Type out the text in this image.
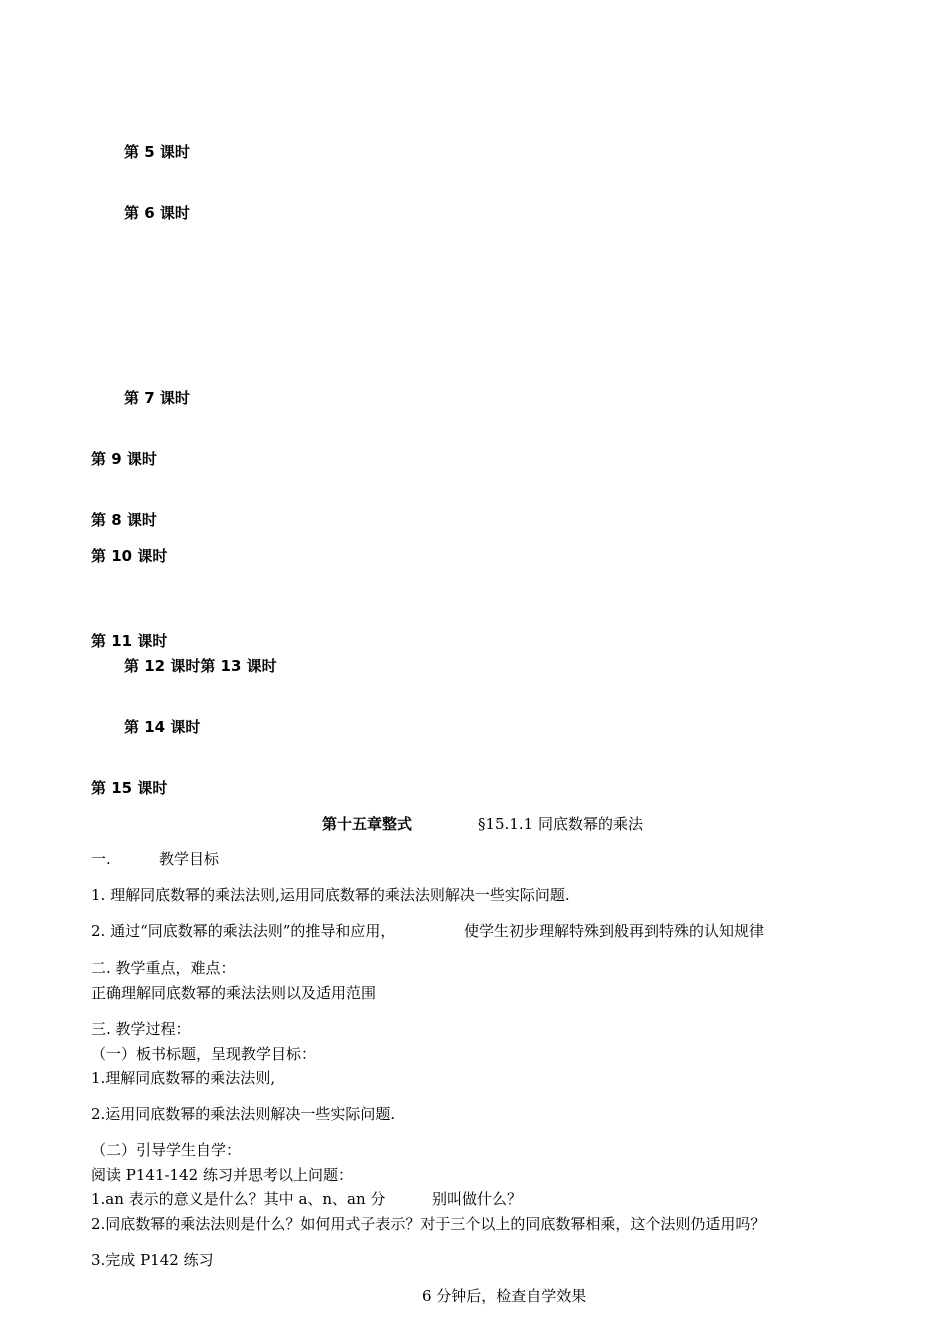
第 5 课时
第 6 课时
第 7 课时
第 9 课时
第 8 课时
第 10 课时
第 11 课时
第 12 课时第 13 课时
第 14 课时
第 15 课时
第十五章整式	§15.1.1 同底数幂的乘法
一.	教学目标
1. 理解同底数幂的乘法法则,运用同底数幂的乘法法则解决一些实际问题.
2. 通过“同底数幂的乘法法则”的推导和应用，	使学生初步理解特殊到般再到特殊的认知规律
二. 教学重点，难点：
正确理解同底数幂的乘法法则以及适用范围
三. 教学过程：
（一）板书标题，呈现教学目标：
1.理解同底数幂的乘法法则,
2.运用同底数幂的乘法法则解决一些实际问题.
（二）引导学生自学：
阅读 P141-142 练习并思考以上问题：
1.an 表示的意义是什么？其中 a、n、an 分	别叫做什么？
2.同底数幂的乘法法则是什么？如何用式子表示？对于三个以上的同底数幂相乘，这个法则仍适用吗？
3.完成 P142 练习
6 分钟后，检查自学效果
